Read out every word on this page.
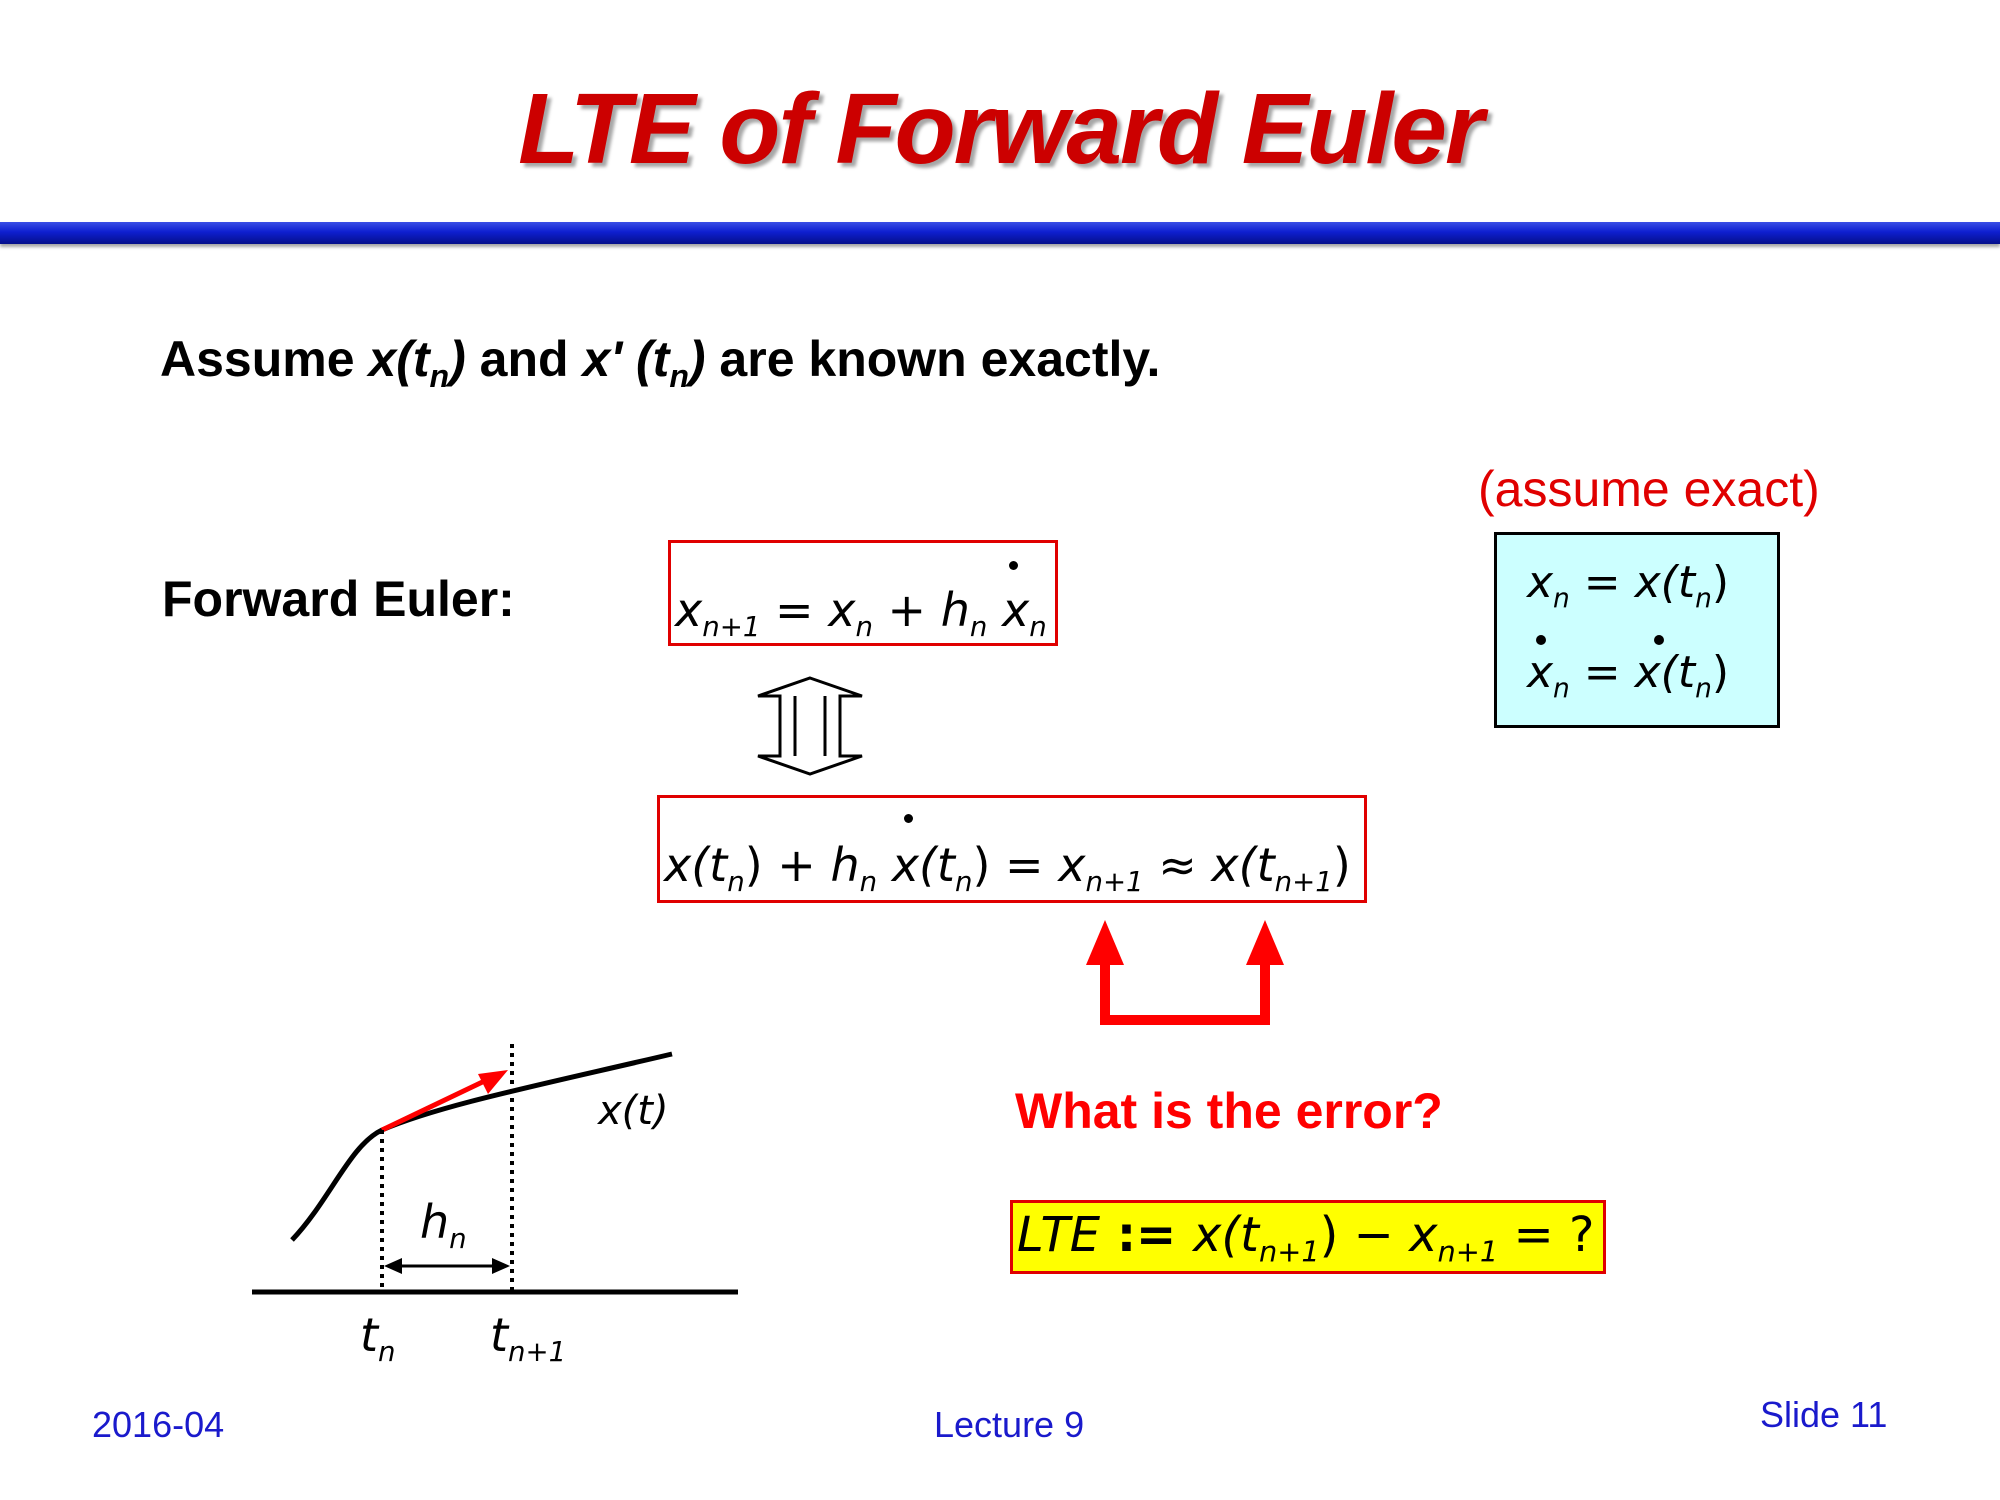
LTE of Forward Euler
Assume $x(t_n)$ and x' $(t_n)$ are known exactly.
Forward Euler:	$x_{n+1} = x_n + h_n$ $x_n$
$x(t_n) + h_n$ $x(t_n) = x_{n+1} \approx x(t_{n+1})$
(assume exact)
$x_n = x(t_n)$
$x_n = x(t_n)$
What is the error?
LTE := $x(t_{n+1}) - x_{n+1}$ = ?
x(t)
$h_n$
$t_n$ $t_{n+1}$
2016-04	Lecture 9	Slide 11
